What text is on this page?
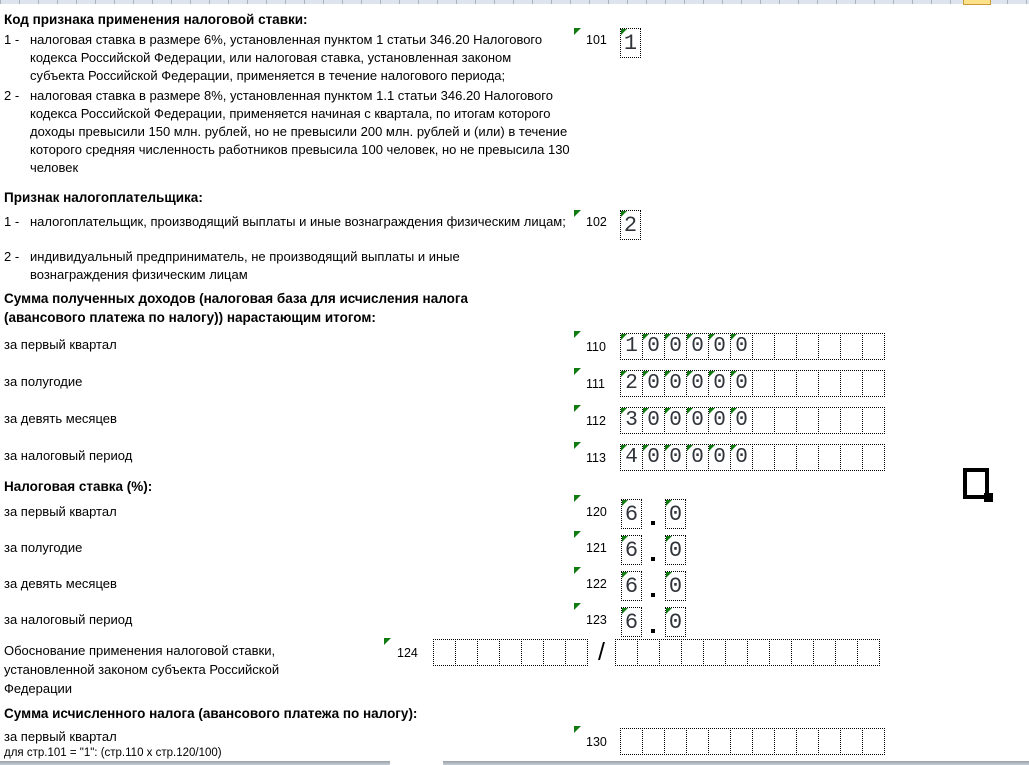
Код признака применения налоговой ставки:
1 - налоговая ставка в размере 6%, установленная пунктом 1 статьи 346.20 Налогового кодекса Российской Федерации, или налоговая ставка, установленная законом субъекта Российской Федерации, применяется в течение налогового периода;
101 1
2 - налоговая ставка в размере 8%, установленная пунктом 1.1 статьи 346.20 Налогового кодекса Российской Федерации, применяется начиная с квартала, по итогам которого доходы превысили 150 млн. рублей, но не превысили 200 млн. рублей и (или) в течение которого средняя численность работников превысила 100 человек, но не превысила 130 человек
Признак налогоплательщика:
1 - налогоплательщик, производящий выплаты и иные вознаграждения физическим лицам; 102 2
2 - индивидуальный предприниматель, не производящий выплаты и иные вознаграждения физическим лицам
Сумма полученных доходов (налоговая база для исчисления налога (авансового платежа по налогу)) нарастающим итогом:
за первый квартал	110 1 0 0 0 0 0
за полугодие	111 2 0 0 0 0 0
за девять месяцев	112 3 0 0 0 0 0
за налоговый период	113 4 0 0 0 0 0
Налоговая ставка (%):
за первый квартал	120 6 0
за полугодие	121 6 0
за девять месяцев	122 6 0
за налоговый период	123 6 0
Обоснование применения налоговой ставки, установленной законом субъекта Российской Федерации
124	/
Сумма исчисленного налога (авансового платежа по налогу):
за первый квартал
для стр.101 = "1": (стр.110 х стр.120/100)
130
